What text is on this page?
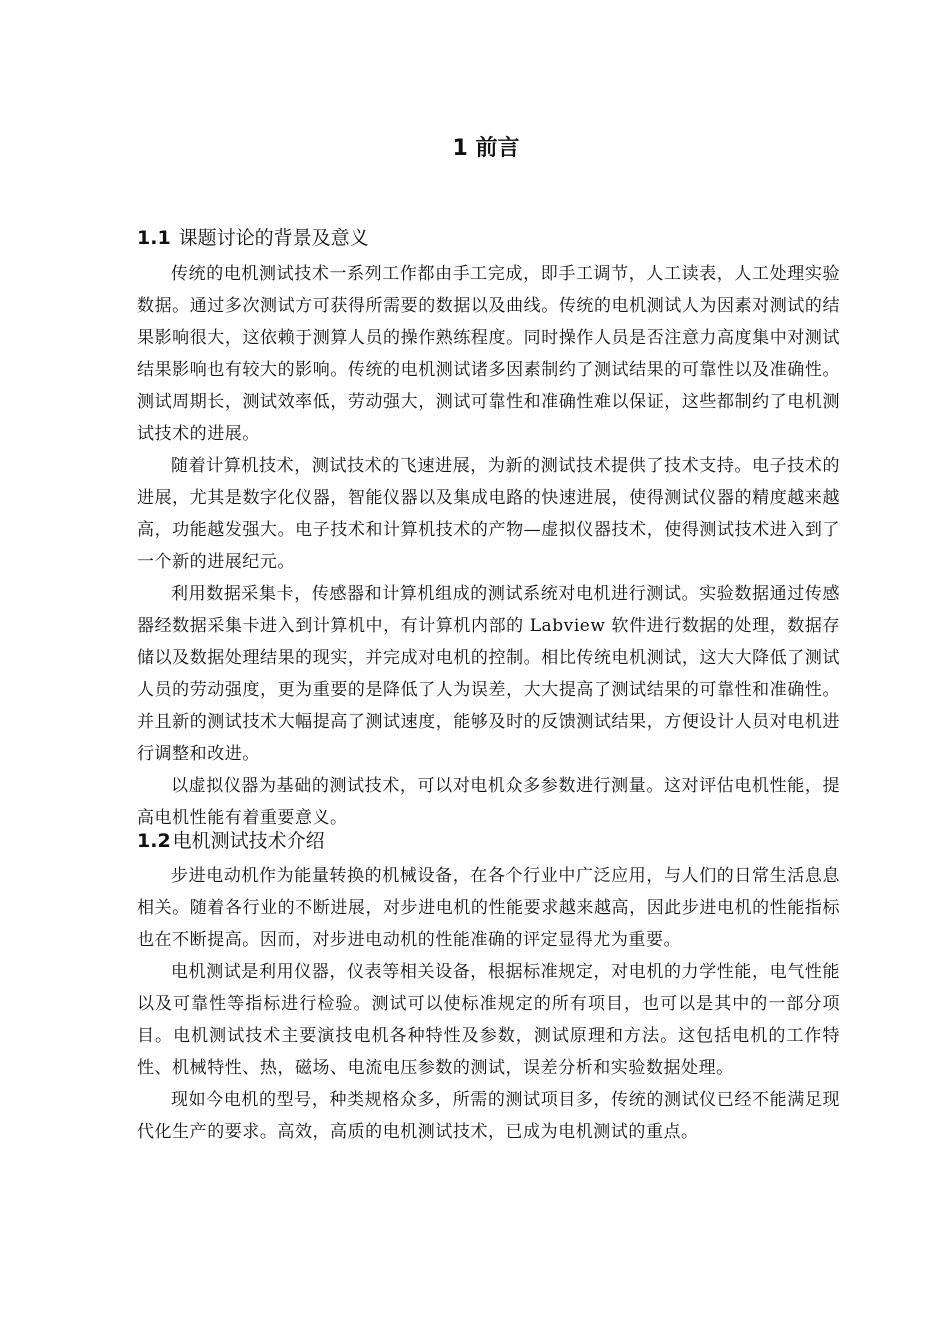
1 前言
1.1 课题讨论的背景及意义

传统的电机测试技术一系列工作都由手工完成，即手工调节，人工读表，人工处理实验数据。通过多次测试方可获得所需要的数据以及曲线。传统的电机测试人为因素对测试的结果影响很大，这依赖于测算人员的操作熟练程度。同时操作人员是否注意力高度集中对测试结果影响也有较大的影响。传统的电机测试诸多因素制约了测试结果的可靠性以及准确性。测试周期长，测试效率低，劳动强大，测试可靠性和准确性难以保证，这些都制约了电机测试技术的进展。

随着计算机技术，测试技术的飞速进展，为新的测试技术提供了技术支持。电子技术的进展，尤其是数字化仪器，智能仪器以及集成电路的快速进展，使得测试仪器的精度越来越高，功能越发强大。电子技术和计算机技术的产物—虚拟仪器技术，使得测试技术进入到了一个新的进展纪元。

利用数据采集卡，传感器和计算机组成的测试系统对电机进行测试。实验数据通过传感器经数据采集卡进入到计算机中，有计算机内部的 Labview 软件进行数据的处理，数据存储以及数据处理结果的现实，并完成对电机的控制。相比传统电机测试，这大大降低了测试人员的劳动强度，更为重要的是降低了人为误差，大大提高了测试结果的可靠性和准确性。并且新的测试技术大幅提高了测试速度，能够及时的反馈测试结果，方便设计人员对电机进行调整和改进。

以虚拟仪器为基础的测试技术，可以对电机众多参数进行测量。这对评估电机性能，提高电机性能有着重要意义。

1.2 电机测试技术介绍

步进电动机作为能量转换的机械设备，在各个行业中广泛应用，与人们的日常生活息息相关。随着各行业的不断进展，对步进电机的性能要求越来越高，因此步进电机的性能指标也在不断提高。因而，对步进电动机的性能准确的评定显得尤为重要。

电机测试是利用仪器，仪表等相关设备，根据标准规定，对电机的力学性能，电气性能以及可靠性等指标进行检验。测试可以使标准规定的所有项目，也可以是其中的一部分项目。电机测试技术主要演技电机各种特性及参数，测试原理和方法。这包括电机的工作特性、机械特性、热，磁场、电流电压参数的测试，误差分析和实验数据处理。

现如今电机的型号，种类规格众多，所需的测试项目多，传统的测试仪已经不能满足现代化生产的要求。高效，高质的电机测试技术，已成为电机测试的重点。
